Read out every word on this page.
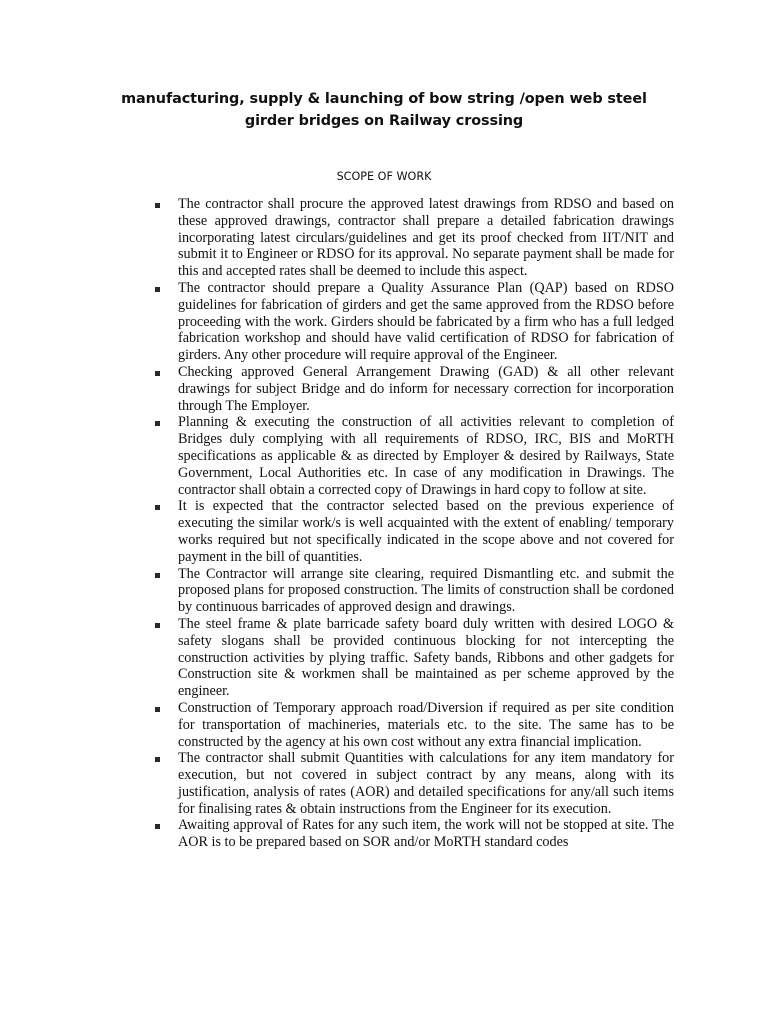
manufacturing, supply & launching of bow string /open web steel girder bridges on Railway crossing
SCOPE OF WORK
The contractor shall procure the approved latest drawings from RDSO and based on these approved drawings, contractor shall prepare a detailed fabrication drawings incorporating latest circulars/guidelines and get its proof checked from IIT/NIT and submit it to Engineer or RDSO for its approval. No separate payment shall be made for this and accepted rates shall be deemed to include this aspect.
The contractor should prepare a Quality Assurance Plan (QAP) based on RDSO guidelines for fabrication of girders and get the same approved from the RDSO before proceeding with the work. Girders should be fabricated by a firm who has a full ledged fabrication workshop and should have valid certification of RDSO for fabrication of girders. Any other procedure will require approval of the Engineer.
Checking approved General Arrangement Drawing (GAD) & all other relevant drawings for subject Bridge and do inform for necessary correction for incorporation through The Employer.
Planning & executing the construction of all activities relevant to completion of Bridges duly complying with all requirements of RDSO, IRC, BIS and MoRTH specifications as applicable & as directed by Employer & desired by Railways, State Government, Local Authorities etc. In case of any modification in Drawings. The contractor shall obtain a corrected copy of Drawings in hard copy to follow at site.
It is expected that the contractor selected based on the previous experience of executing the similar work/s is well acquainted with the extent of enabling/ temporary works required but not specifically indicated in the scope above and not covered for payment in the bill of quantities.
The Contractor will arrange site clearing, required Dismantling etc. and submit the proposed plans for proposed construction. The limits of construction shall be cordoned by continuous barricades of approved design and drawings.
The steel frame & plate barricade safety board duly written with desired LOGO & safety slogans shall be provided continuous blocking for not intercepting the construction activities by plying traffic. Safety bands, Ribbons and other gadgets for Construction site & workmen shall be maintained as per scheme approved by the engineer.
Construction of Temporary approach road/Diversion if required as per site condition for transportation of machineries, materials etc. to the site. The same has to be constructed by the agency at his own cost without any extra financial implication.
The contractor shall submit Quantities with calculations for any item mandatory for execution, but not covered in subject contract by any means, along with its justification, analysis of rates (AOR) and detailed specifications for any/all such items for finalising rates & obtain instructions from the Engineer for its execution.
Awaiting approval of Rates for any such item, the work will not be stopped at site. The AOR is to be prepared based on SOR and/or MoRTH standard codes
